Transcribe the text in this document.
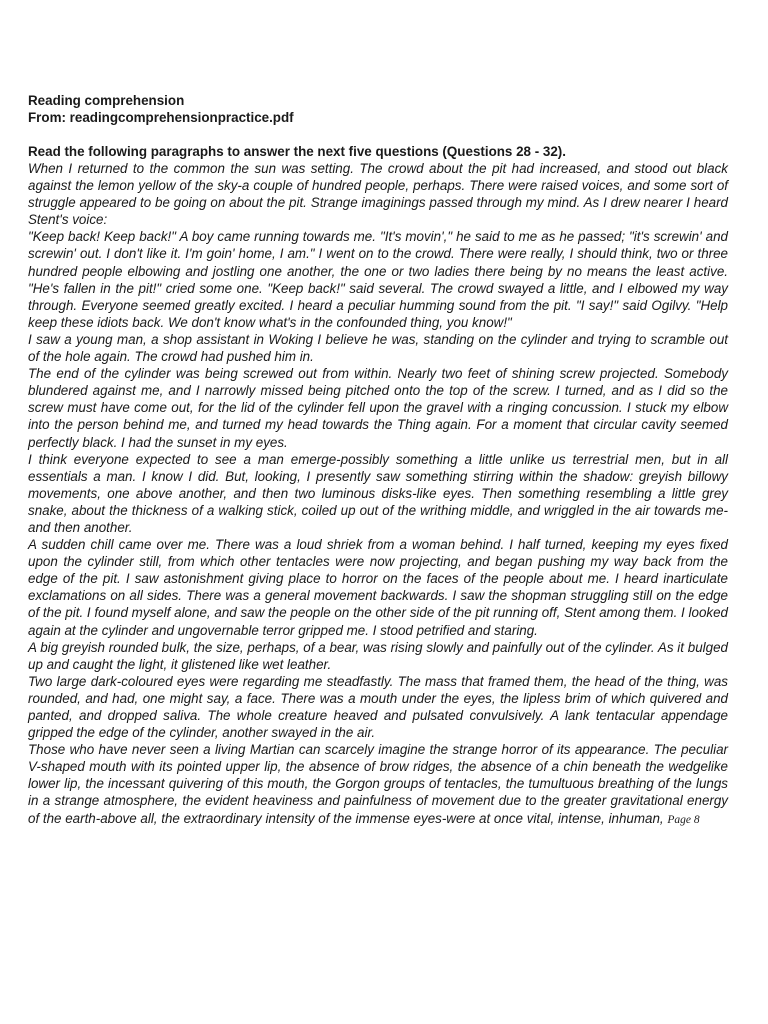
Reading comprehension

From: readingcomprehensionpractice.pdf

Read the following paragraphs to answer the next five questions (Questions 28 - 32).

When I returned to the common the sun was setting. The crowd about the pit had increased, and stood out black against the lemon yellow of the sky-a couple of hundred people, perhaps. There were raised voices, and some sort of struggle appeared to be going on about the pit. Strange imaginings passed through my mind. As I drew nearer I heard Stent's voice:

"Keep back! Keep back!" A boy came running towards me. "It's movin'," he said to me as he passed; "it's screwin' and screwin' out. I don't like it. I'm goin' home, I am." I went on to the crowd. There were really, I should think, two or three hundred people elbowing and jostling one another, the one or two ladies there being by no means the least active. "He's fallen in the pit!" cried some one. "Keep back!" said several. The crowd swayed a little, and I elbowed my way through. Everyone seemed greatly excited. I heard a peculiar humming sound from the pit. "I say!" said Ogilvy. "Help keep these idiots back. We don't know what's in the confounded thing, you know!"

I saw a young man, a shop assistant in Woking I believe he was, standing on the cylinder and trying to scramble out of the hole again. The crowd had pushed him in.

The end of the cylinder was being screwed out from within. Nearly two feet of shining screw projected. Somebody blundered against me, and I narrowly missed being pitched onto the top of the screw. I turned, and as I did so the screw must have come out, for the lid of the cylinder fell upon the gravel with a ringing concussion. I stuck my elbow into the person behind me, and turned my head towards the Thing again. For a moment that circular cavity seemed perfectly black. I had the sunset in my eyes.

I think everyone expected to see a man emerge-possibly something a little unlike us terrestrial men, but in all essentials a man. I know I did. But, looking, I presently saw something stirring within the shadow: greyish billowy movements, one above another, and then two luminous disks-like eyes. Then something resembling a little grey snake, about the thickness of a walking stick, coiled up out of the writhing middle, and wriggled in the air towards me-and then another.

A sudden chill came over me. There was a loud shriek from a woman behind. I half turned, keeping my eyes fixed upon the cylinder still, from which other tentacles were now projecting, and began pushing my way back from the edge of the pit. I saw astonishment giving place to horror on the faces of the people about me. I heard inarticulate exclamations on all sides. There was a general movement backwards. I saw the shopman struggling still on the edge of the pit. I found myself alone, and saw the people on the other side of the pit running off, Stent among them. I looked again at the cylinder and ungovernable terror gripped me. I stood petrified and staring.

A big greyish rounded bulk, the size, perhaps, of a bear, was rising slowly and painfully out of the cylinder. As it bulged up and caught the light, it glistened like wet leather.

Two large dark-coloured eyes were regarding me steadfastly. The mass that framed them, the head of the thing, was rounded, and had, one might say, a face. There was a mouth under the eyes, the lipless brim of which quivered and panted, and dropped saliva. The whole creature heaved and pulsated convulsively. A lank tentacular appendage gripped the edge of the cylinder, another swayed in the air.

Those who have never seen a living Martian can scarcely imagine the strange horror of its appearance. The peculiar V-shaped mouth with its pointed upper lip, the absence of brow ridges, the absence of a chin beneath the wedgelike lower lip, the incessant quivering of this mouth, the Gorgon groups of tentacles, the tumultuous breathing of the lungs in a strange atmosphere, the evident heaviness and painfulness of movement due to the greater gravitational energy of the earth-above all, the extraordinary intensity of the immense eyes-were at once vital, intense, inhuman, Page 8
